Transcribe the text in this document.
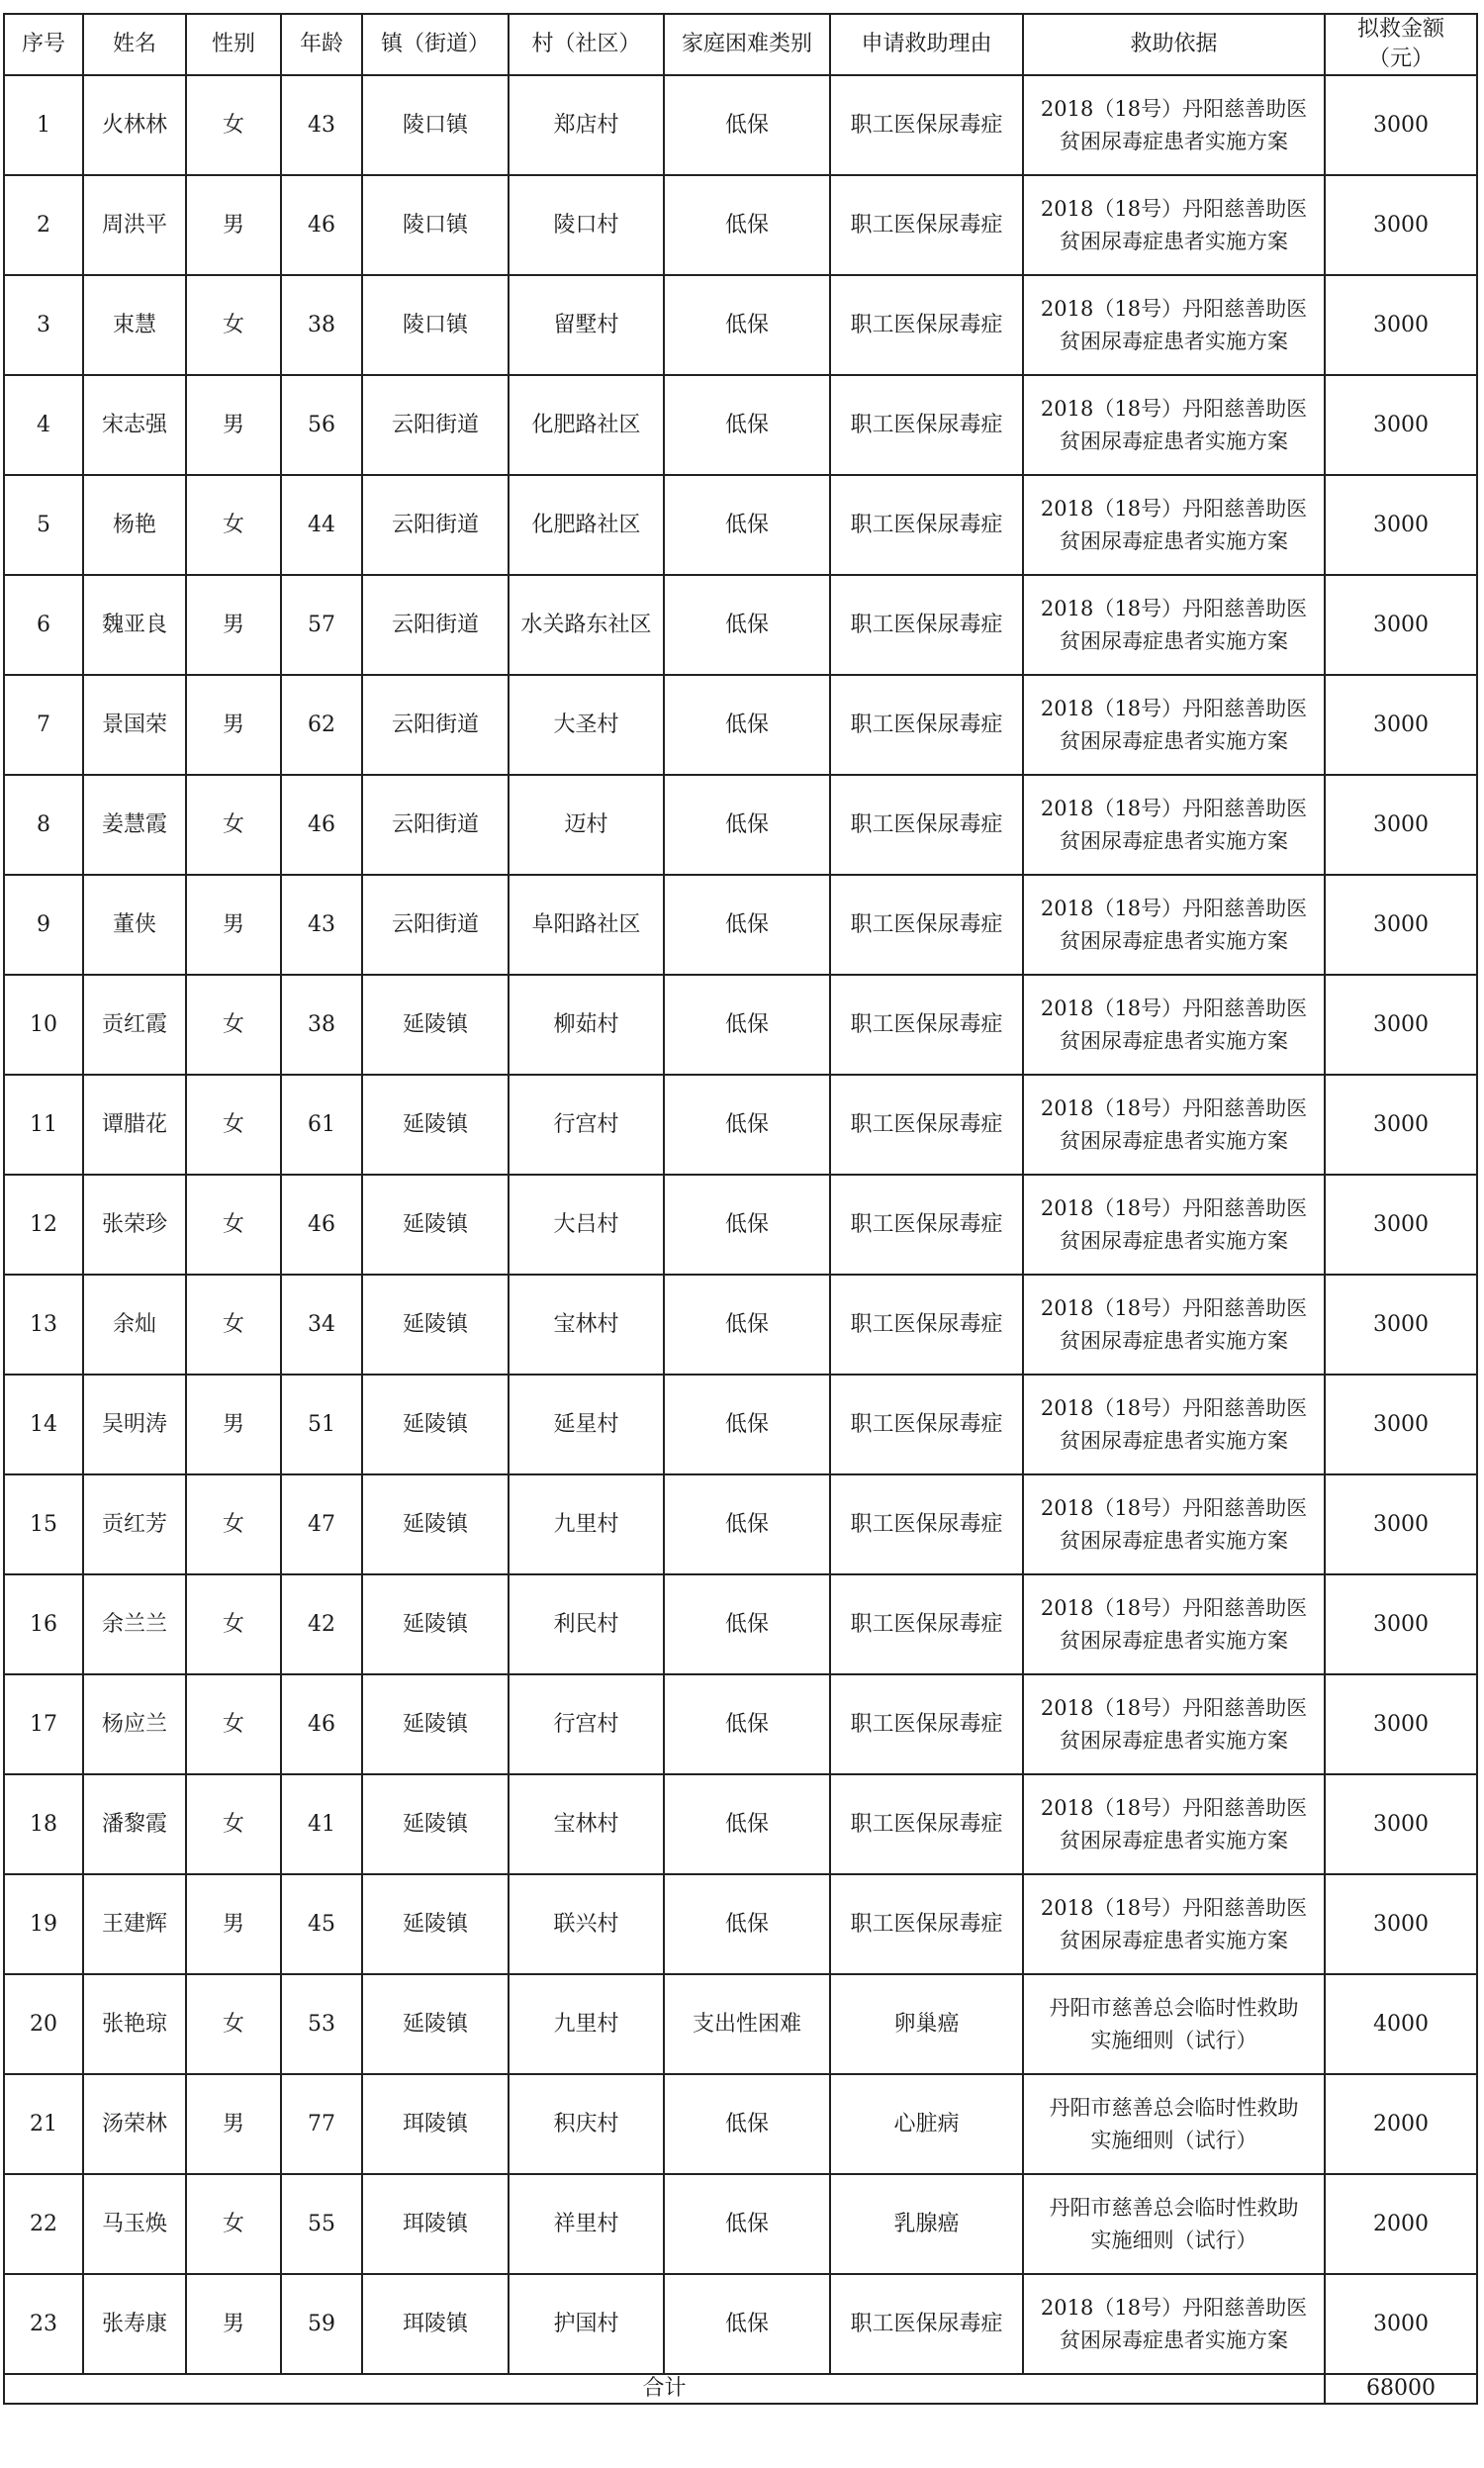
序号	姓名	性别	年龄	镇（街道）	村（社区）	家庭困难类别	申请救助理由	救助依据	拟救金额
（元）

1	火林林	女	43	陵口镇	郑店村	低保	职工医保尿毒症	2018（18号）丹阳慈善助医
贫困尿毒症患者实施方案	3000
2	周洪平	男	46	陵口镇	陵口村	低保	职工医保尿毒症	2018（18号）丹阳慈善助医
贫困尿毒症患者实施方案	3000
3	束慧	女	38	陵口镇	留墅村	低保	职工医保尿毒症	2018（18号）丹阳慈善助医
贫困尿毒症患者实施方案	3000
4	宋志强	男	56	云阳街道	化肥路社区	低保	职工医保尿毒症	2018（18号）丹阳慈善助医
贫困尿毒症患者实施方案	3000
5	杨艳	女	44	云阳街道	化肥路社区	低保	职工医保尿毒症	2018（18号）丹阳慈善助医
贫困尿毒症患者实施方案	3000
6	魏亚良	男	57	云阳街道	水关路东社区	低保	职工医保尿毒症	2018（18号）丹阳慈善助医
贫困尿毒症患者实施方案	3000
7	景国荣	男	62	云阳街道	大圣村	低保	职工医保尿毒症	2018（18号）丹阳慈善助医
贫困尿毒症患者实施方案	3000
8	姜慧霞	女	46	云阳街道	迈村	低保	职工医保尿毒症	2018（18号）丹阳慈善助医
贫困尿毒症患者实施方案	3000
9	董侠	男	43	云阳街道	阜阳路社区	低保	职工医保尿毒症	2018（18号）丹阳慈善助医
贫困尿毒症患者实施方案	3000
10	贡红霞	女	38	延陵镇	柳茹村	低保	职工医保尿毒症	2018（18号）丹阳慈善助医
贫困尿毒症患者实施方案	3000
11	谭腊花	女	61	延陵镇	行宫村	低保	职工医保尿毒症	2018（18号）丹阳慈善助医
贫困尿毒症患者实施方案	3000
12	张荣珍	女	46	延陵镇	大吕村	低保	职工医保尿毒症	2018（18号）丹阳慈善助医
贫困尿毒症患者实施方案	3000
13	余灿	女	34	延陵镇	宝林村	低保	职工医保尿毒症	2018（18号）丹阳慈善助医
贫困尿毒症患者实施方案	3000
14	吴明涛	男	51	延陵镇	延星村	低保	职工医保尿毒症	2018（18号）丹阳慈善助医
贫困尿毒症患者实施方案	3000
15	贡红芳	女	47	延陵镇	九里村	低保	职工医保尿毒症	2018（18号）丹阳慈善助医
贫困尿毒症患者实施方案	3000
16	余兰兰	女	42	延陵镇	利民村	低保	职工医保尿毒症	2018（18号）丹阳慈善助医
贫困尿毒症患者实施方案	3000
17	杨应兰	女	46	延陵镇	行宫村	低保	职工医保尿毒症	2018（18号）丹阳慈善助医
贫困尿毒症患者实施方案	3000
18	潘黎霞	女	41	延陵镇	宝林村	低保	职工医保尿毒症	2018（18号）丹阳慈善助医
贫困尿毒症患者实施方案	3000
19	王建辉	男	45	延陵镇	联兴村	低保	职工医保尿毒症	2018（18号）丹阳慈善助医
贫困尿毒症患者实施方案	3000
20	张艳琼	女	53	延陵镇	九里村	支出性困难	卵巢癌	丹阳市慈善总会临时性救助
实施细则（试行）	4000
21	汤荣林	男	77	珥陵镇	积庆村	低保	心脏病	丹阳市慈善总会临时性救助
实施细则（试行）	2000
22	马玉焕	女	55	珥陵镇	祥里村	低保	乳腺癌	丹阳市慈善总会临时性救助
实施细则（试行）	2000
23	张寿康	男	59	珥陵镇	护国村	低保	职工医保尿毒症	2018（18号）丹阳慈善助医
贫困尿毒症患者实施方案	3000
合计									68000
